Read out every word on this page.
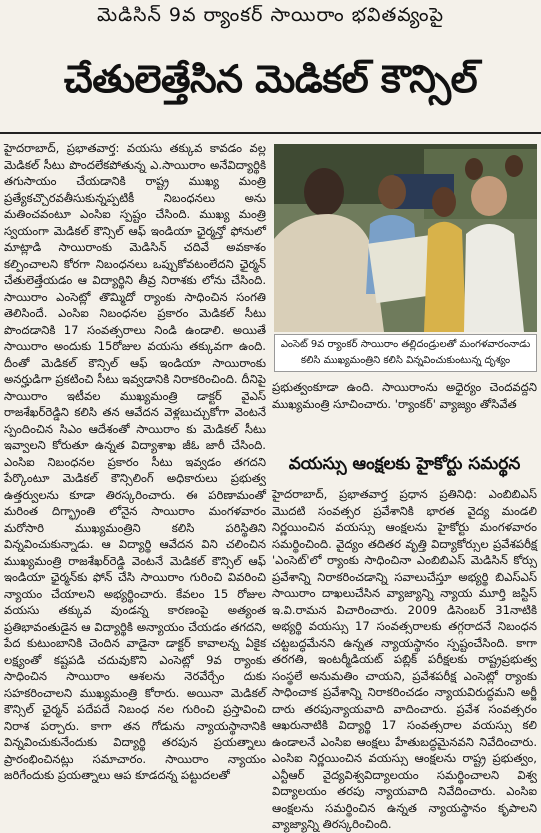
మెడిసిన్ 9వ ర్యాంకర్ సాయిరాం భవితవ్యంపై
చేతులెత్తేసిన మెడికల్ కౌన్సిల్

హైదరాబాద్, ప్రభాతవార్త: వయసు తక్కువ కావడం వల్ల మెడికల్ సీటు పొందలేకపోతున్న ఎ.సాయిరాం అనేవిద్యార్థికి తగుసాయం చేయడానికి రాష్ట్ర ముఖ్య మంత్రి ప్రత్యేకచ్చొరవతీసుకున్నప్పటికీ నిబంధనలు అను మతించవంటూ ఎంసిఐ స్పష్టం చేసింది. ముఖ్య మంత్రి స్వయంగా మెడికల్ కౌన్సిల్ ఆఫ్ ఇండియా ఛైర్మన్తో ఫోనులో మాట్లాడి సాయిరాంకు మెడిసిన్ చదివే అవకాశం కల్పించాలని కోరగా నిబంధనలు ఒప్పుకోవటంలేదని ఛైర్మన్ చేతులెత్తేయడం ఆ విద్యార్థిని తీవ్ర నిరాశకు లోను చేసింది. సాయిరాం ఎంసెట్లో తొమ్మిదో ర్యాంకు సాధించిన సంగతి తెలిసిందే. ఎంసిఐ నిబంధనల ప్రకారం మెడికల్ సీటు పొందడానికి 17 సంవత్సరాలు నిండి ఉండాలి. అయితే సాయిరాం అందుకు 15రోజుల వయసు తక్కువగా ఉంది. దీంతో మెడికల్ కౌన్సిల్ ఆఫ్ ఇండియా సాయిరాంకు అనర్హుడిగా ప్రకటించి సీటు ఇవ్వడానికి నిరాకరించింది. దీనిపై సాయిరాం ఇటీవల ముఖ్యమంత్రి డాక్టర్ వైఎస్ రాజశేఖర్‌రెడ్డిని కలిసి తన ఆవేదన వెళ్లబుచ్చుకోగా వెంటనే స్పందించిన సిఎం ఆదేశంతో సాయిరాం కు మెడికల్ సీటు ఇవ్వాలని కోరుతూ ఉన్నత విద్యాశాఖ జీఓ జారీ చేసింది. ఎంసిఐ నిబంధనల ప్రకారం సీటు ఇవ్వడం తగదని పేర్కొంటూ మెడికల్ కౌన్సిలింగ్ అధికారులు ప్రభుత్వ ఉత్తర్వులను కూడా తిరస్కరించారు. ఈ పరిణామంతో మరింత దిగ్భ్రాంతి లోనైన సాయిరాం మంగళవారం మరోసారి ముఖ్యమంత్రిని కలిసి పరిస్థితిని విన్నవించుకున్నాడు. ఆ విద్యార్థి ఆవేదన విని చలించిన ముఖ్యమంత్రి రాజశేఖర్‌రెడ్డి వెంటనే మెడికల్ కౌన్సిల్ ఆఫ్ ఇండియా ఛైర్మన్‌కు ఫోన్ చేసి సాయిరాం గురించి వివరించి న్యాయం చేయాలని అభ్యర్థించారు. కేవలం 15 రోజుల వయసు తక్కువ వుండన్న కారణంపై అత్యంత ప్రతిభావంతుడైన ఆ విద్యార్థికి అన్యాయం చేయడం తగదని, పేద కుటుంబానికి చెందిన వాడైనా డాక్టర్ కావాలన్న ఏకైక లక్ష్యంతో కష్టపడి చదువుకొని ఎంసెట్లో 9వ ర్యాంకు సాధించిన సాయిరాం ఆశలను నెరవేర్చేం దుకు సహకరించాలని ముఖ్యమంత్రి కోరారు. అయినా మెడికల్ కౌన్సిల్ ఛైర్మన్ పదేపదే నిబంధ నల గురించి ప్రస్తావించి నిరాశ పర్చారు. కాగా తన గోడును న్యాయస్థానానికి విన్నవించుకునేందుకు విద్యార్థి తరపున ప్రయత్నాలు ప్రారంభించినట్లు సమాచారం. సాయిరాం న్యాయం జరిగేందుకు ప్రయత్నాలు ఆప కూడదన్న పట్టుదలతో

ఎంసెట్ 9వ ర్యాంకర్ సాయిరాం తల్లిదండ్రులతో మంగళవారంనాడు కలిసి ముఖ్యమంత్రిని కలిసి విన్నవించుకుంటున్న దృశ్యం

ప్రభుత్వంకూడా ఉంది. సాయిరాంను అధైర్యం చెందవద్దని ముఖ్యమంత్రి సూచించారు. 'ర్యాంకర్' వ్యాజ్యం తోసివేత

వయస్సు ఆంక్షలకు హైకోర్టు సమర్థన

హైదరాబాద్, ప్రభాతవార్త ప్రధాన ప్రతినిధి: ఎంబిబిఎస్ మొదటి సంవత్సర ప్రవేశానికి భారత వైద్య మండలి నిర్ణయించిన వయస్సు ఆంక్షలను హైకోర్టు మంగళవారం సమర్థించింది. వైద్యం తదితర వృత్తి విద్యాకోర్సుల ప్రవేశపరీక్ష 'ఎంసెట్'లో ర్యాంకు సాధించినా ఎంబిబిఎస్ మెడిసిన్ కోర్సు ప్రవేశాన్ని నిరాకరించడాన్ని సవాలుచేస్తూ అభ్యర్థి బిఎస్ఎస్ సాయిరాం దాఖలుచేసిన వ్యాజ్యాన్ని న్యాయ మూర్తి జస్టిస్ ఇ.వి.రామన విచారించారు. 2009 డిసెంబర్ 31నాటికి అభ్యర్థి వయస్సు 17 సంవత్సరాలకు తగ్గరాదనే నిబంధన చట్టబద్ధమేనని ఉన్నత న్యాయస్థానం స్పష్టంచేసింది. కాగా తరగతి, ఇంటర్మీడియట్ పబ్లిక్ పరీక్షలకు రాష్ట్రప్రభుత్వ సంస్థలే అనుమతిం చాయని, ప్రవేశపరీక్ష ఎంసెట్లో ర్యాంకు సాధించాక ప్రవేశాన్ని నిరాకరించడం న్యాయవిరుద్ధమని అర్జీ దారు తరపున్యాయవాది వాదించారు. ప్రవేశ సంవత్సరం ఆఖరునాటికి విద్యార్థి 17 సంవత్సరాల వయస్సు కలి ఉండాలనే ఎంసిఐ ఆంక్షలు హేతుబద్ధమైనవని నివేదించారు. ఎంసిఐ నిర్ణయించిన వయస్సు ఆంక్షలను రాష్ట్ర ప్రభుత్వం, ఎన్టీఆర్ వైద్యవిశ్వవిద్యాలయం సమర్థించాలని విశ్వ విద్యాలయం తరపు న్యాయవాది నివేదించారు. ఎంసిఐ ఆంక్షలను సమర్థించిన ఉన్నత న్యాయస్థానం కృపాలని వ్యాజ్యాన్ని తిరస్కరించింది.
